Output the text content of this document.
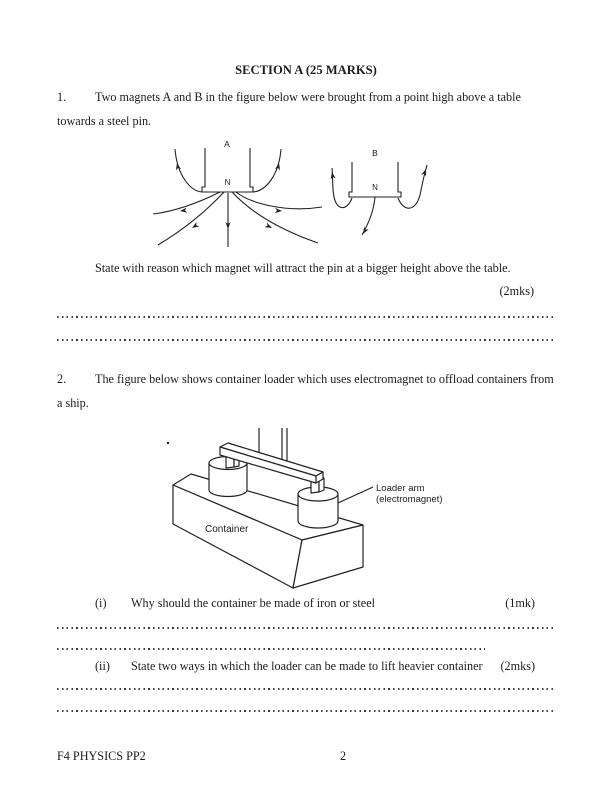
SECTION A (25 MARKS)
1. Two magnets A and B in the figure below were brought from a point high above a table towards a steel pin.
A
N
B
N
State with reason which magnet will attract the pin at a bigger height above the table.
(2mks)
2. The figure below shows container loader which uses electromagnet to offload containers from a ship.
Container
Loader arm
(electromagnet)
(i)	Why should the container be made of iron or steel	(1mk)
(ii)	State two ways in which the loader can be made to lift heavier container	(2mks)
F4 PHYSICS PP2	2
